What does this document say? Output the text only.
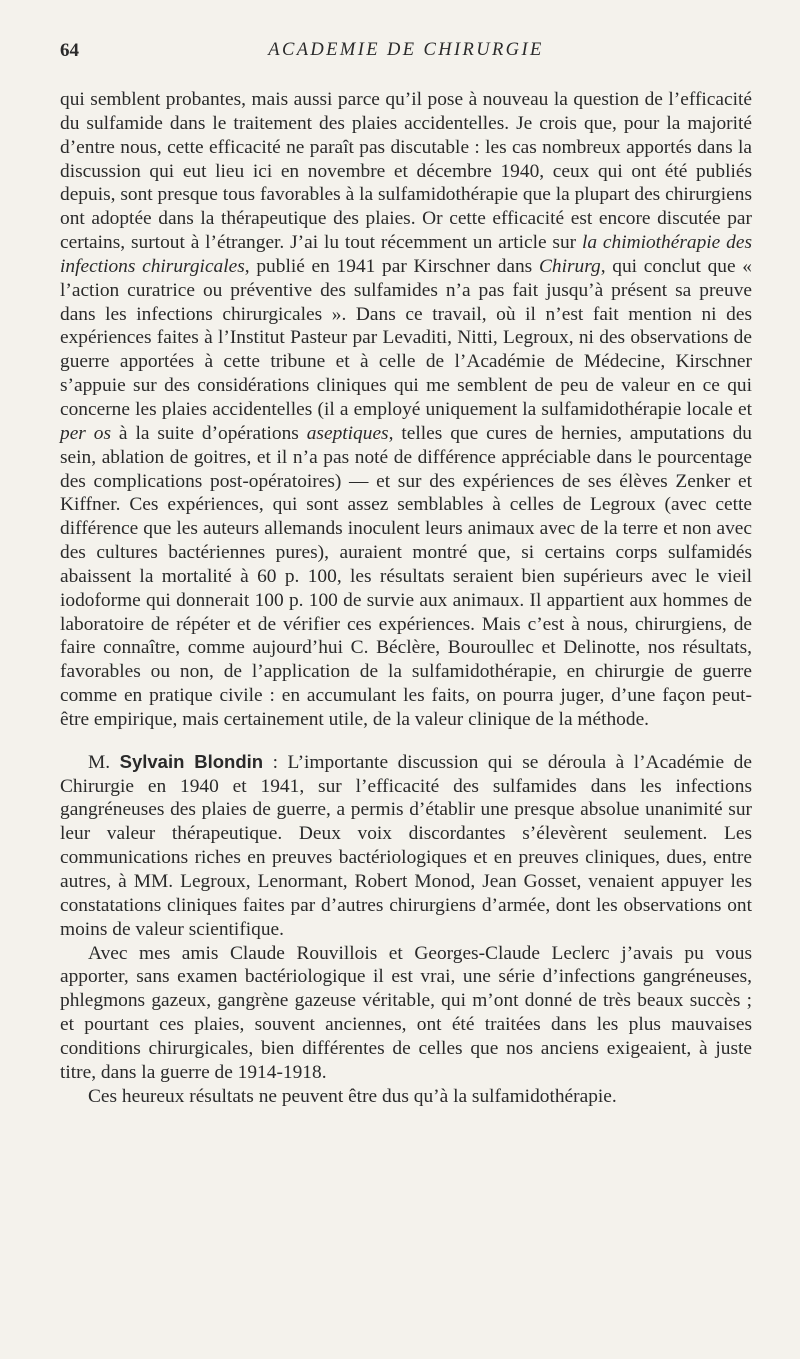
64	ACADEMIE DE CHIRURGIE

qui semblent probantes, mais aussi parce qu’il pose à nouveau la question de l’efficacité du sulfamide dans le traitement des plaies accidentelles. Je crois que, pour la majorité d’entre nous, cette efficacité ne paraît pas discutable : les cas nombreux apportés dans la discussion qui eut lieu ici en novembre et décembre 1940, ceux qui ont été publiés depuis, sont presque tous favorables à la sulfamidothérapie que la plupart des chirurgiens ont adoptée dans la thérapeutique des plaies. Or cette efficacité est encore discutée par certains, surtout à l’étranger. J’ai lu tout récemment un article sur la chimiothérapie des infections chirurgicales, publié en 1941 par Kirschner dans Chirurg, qui conclut que « l’action curatrice ou préventive des sulfamides n’a pas fait jusqu’à présent sa preuve dans les infections chirurgicales ». Dans ce travail, où il n’est fait mention ni des expériences faites à l’Institut Pasteur par Levaditi, Nitti, Legroux, ni des observations de guerre apportées à cette tribune et à celle de l’Académie de Médecine, Kirschner s’appuie sur des considérations cliniques qui me semblent de peu de valeur en ce qui concerne les plaies accidentelles (il a employé uniquement la sulfamidothérapie locale et per os à la suite d’opérations aseptiques, telles que cures de hernies, amputations du sein, ablation de goitres, et il n’a pas noté de différence appréciable dans le pourcentage des complications post-opératoires) — et sur des expériences de ses élèves Zenker et Kiffner. Ces expériences, qui sont assez semblables à celles de Legroux (avec cette différence que les auteurs allemands inoculent leurs animaux avec de la terre et non avec des cultures bactériennes pures), auraient montré que, si certains corps sulfamidés abaissent la mortalité à 60 p. 100, les résultats seraient bien supérieurs avec le vieil iodoforme qui donnerait 100 p. 100 de survie aux animaux. Il appartient aux hommes de laboratoire de répéter et de vérifier ces expériences. Mais c’est à nous, chirurgiens, de faire connaître, comme aujourd’hui C. Béclère, Bouroullec et Delinotte, nos résultats, favorables ou non, de l’application de la sulfamidothérapie, en chirurgie de guerre comme en pratique civile : en accumulant les faits, on pourra juger, d’une façon peut-être empirique, mais certainement utile, de la valeur clinique de la méthode.

M. Sylvain Blondin : L’importante discussion qui se déroula à l’Académie de Chirurgie en 1940 et 1941, sur l’efficacité des sulfamides dans les infections gangréneuses des plaies de guerre, a permis d’établir une presque absolue unanimité sur leur valeur thérapeutique. Deux voix discordantes s’élevèrent seulement. Les communications riches en preuves bactériologiques et en preuves cliniques, dues, entre autres, à MM. Legroux, Lenormant, Robert Monod, Jean Gosset, venaient appuyer les constatations cliniques faites par d’autres chirurgiens d’armée, dont les observations ont moins de valeur scientifique.

Avec mes amis Claude Rouvillois et Georges-Claude Leclerc j’avais pu vous apporter, sans examen bactériologique il est vrai, une série d’infections gangréneuses, phlegmons gazeux, gangrène gazeuse véritable, qui m’ont donné de très beaux succès ; et pourtant ces plaies, souvent anciennes, ont été traitées dans les plus mauvaises conditions chirurgicales, bien différentes de celles que nos anciens exigeaient, à juste titre, dans la guerre de 1914-1918.

Ces heureux résultats ne peuvent être dus qu’à la sulfamidothérapie.
